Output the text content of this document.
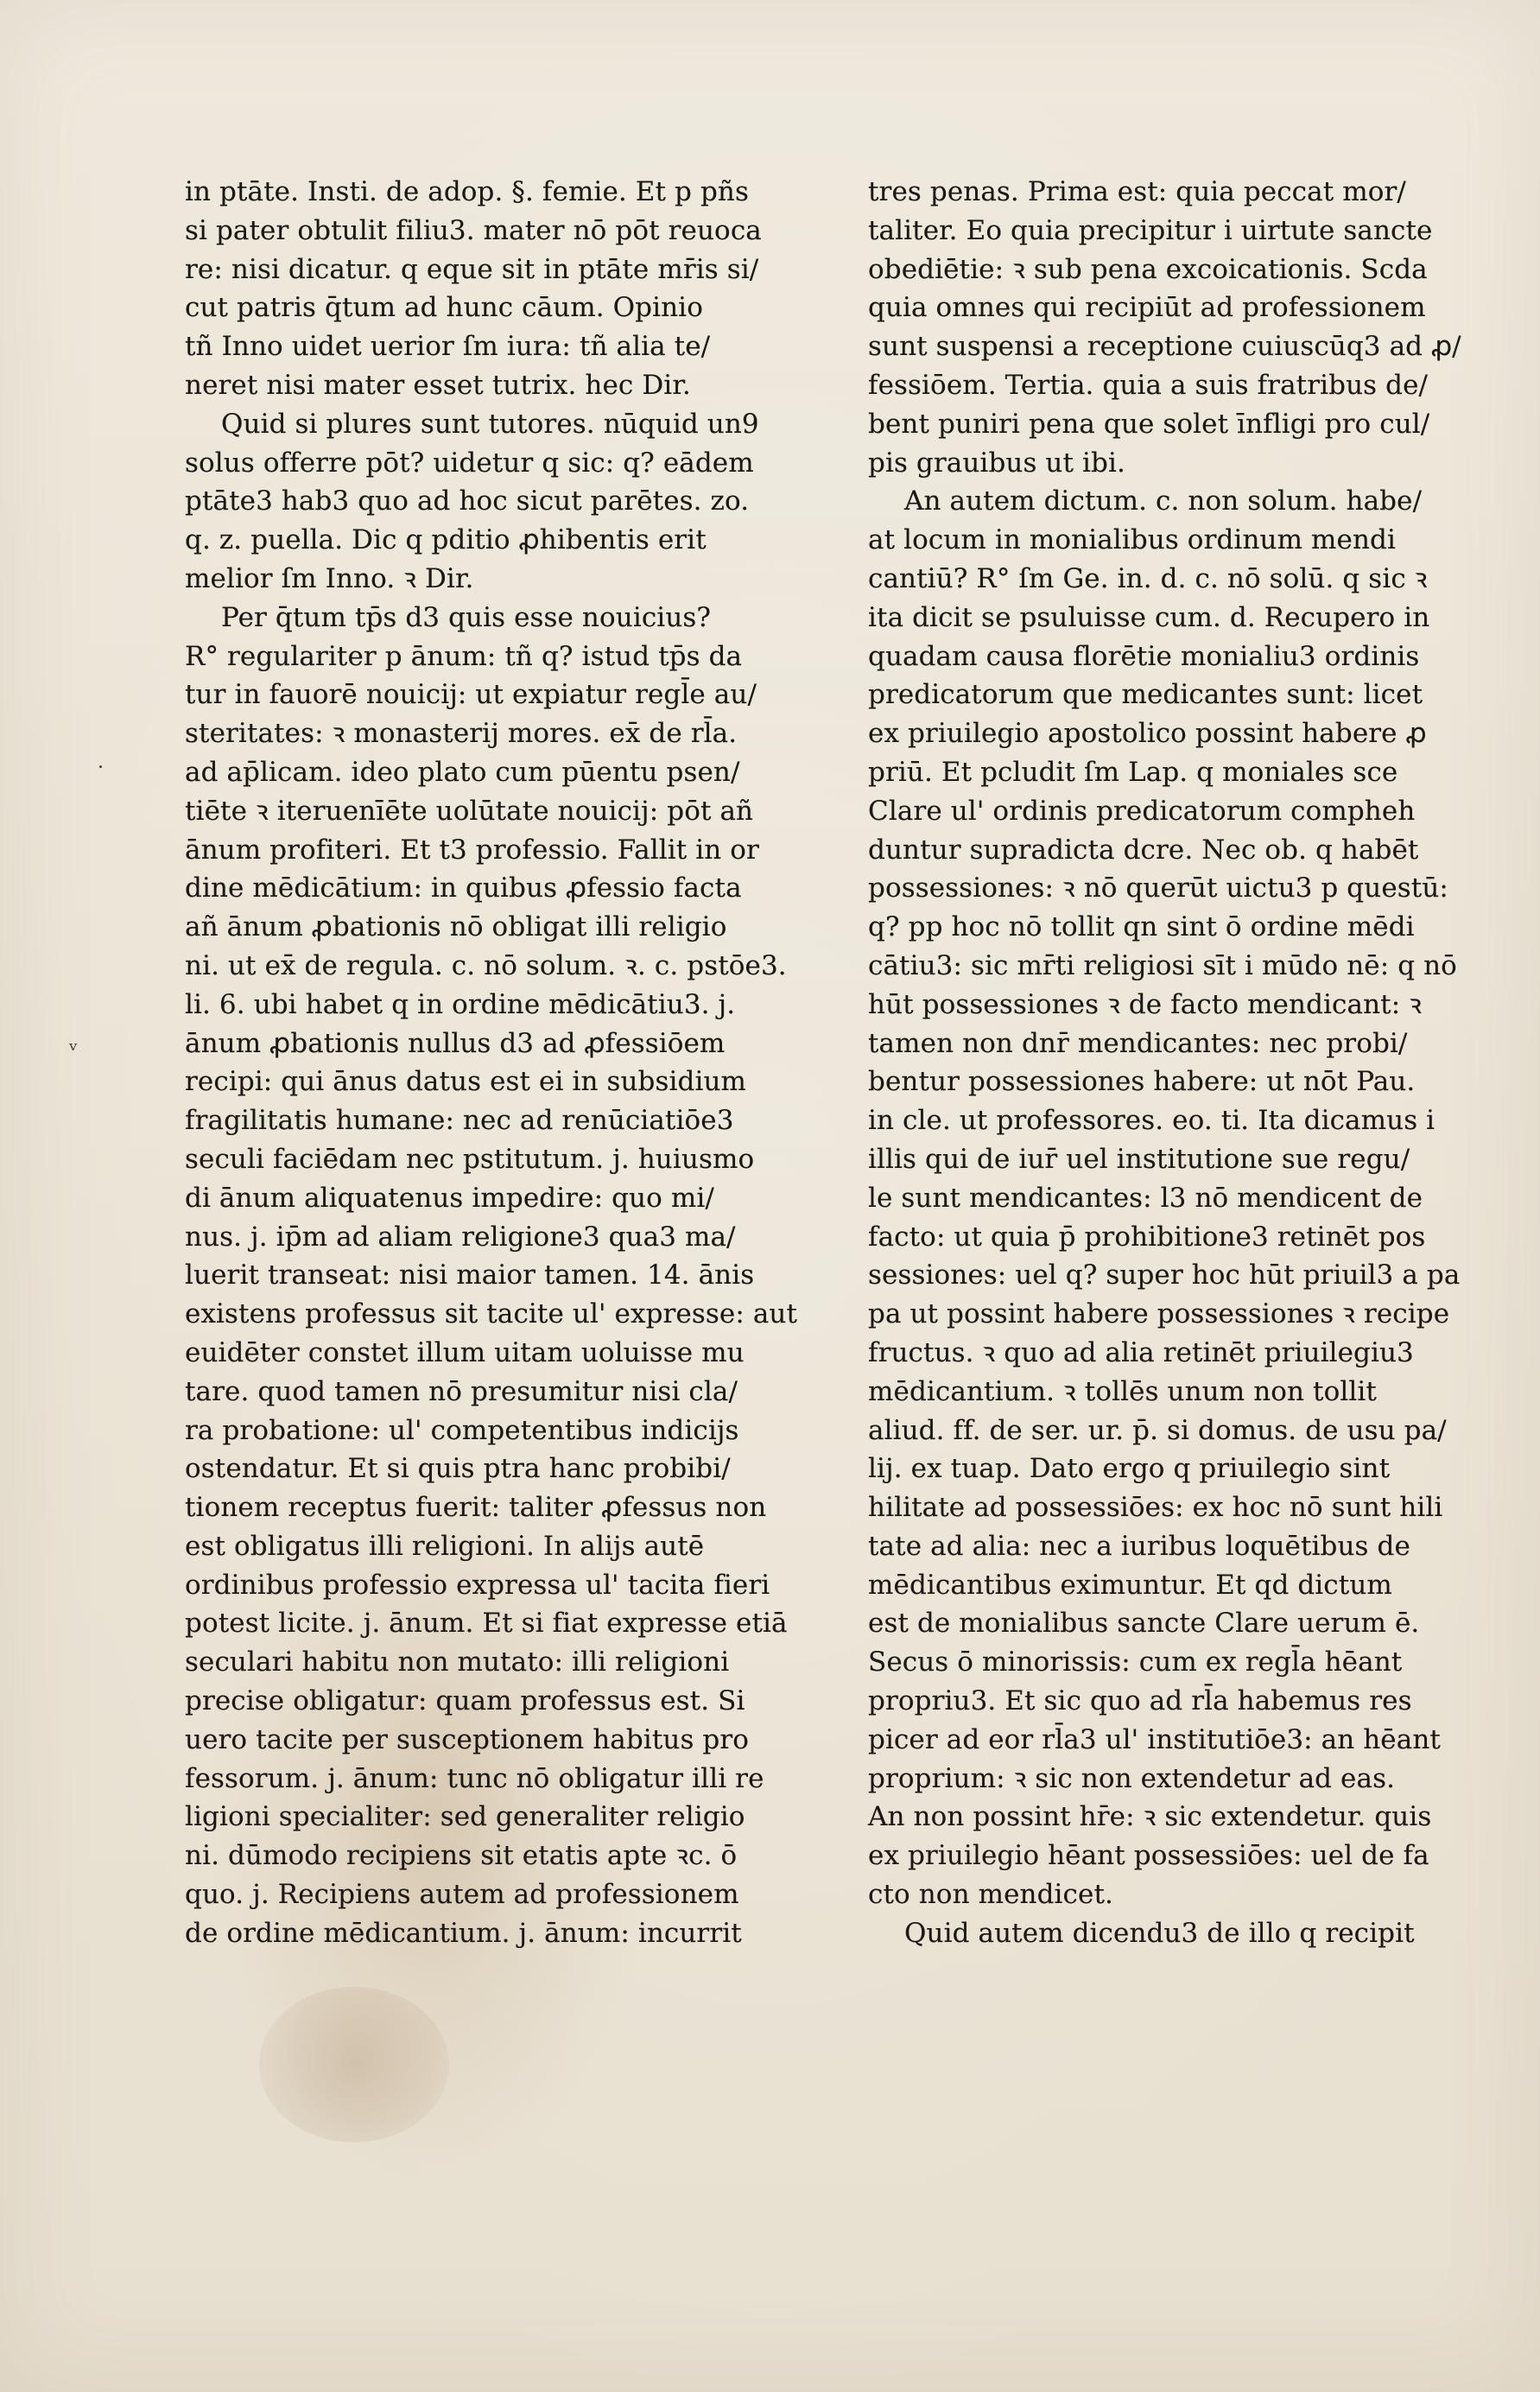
˙
ᵥ
in ptāte. Insti. de adop. §. femie. Et p pñs
si pater obtulit filiu3. mater nō pōt reuoca
re: nisi dicatur. q eque sit in ptāte mr̄is si/
cut patris q̄tum ad hunc cāum. Opinio
tñ Inno uidet uerior ſm iura: tñ alia te/
neret nisi mater esset tutrix. hec Dir.
Quid si plures sunt tutores. nūquid un9
solus offerre pōt? uidetur q sic: q? eādem
ptāte3 hab3 quo ad hoc sicut parētes. zo.
q. z. puella. Dic q pditio ꝓhibentis erit
melior ſm Inno. ꝛ Dir.
Per q̄tum tp̄s d3 quis esse nouicius?
R° regulariter p ānum: tñ q? istud tp̄s da
tur in fauorē nouicij: ut expiatur regl̄e au/
steritates: ꝛ monasterij mores. ex̄ de rl̄a.
ad ap̄licam. ideo plato cum pūentu psen/
tiēte ꝛ iteruenīēte uolūtate nouicij: pōt añ
ānum profiteri. Et t3 professio. Fallit in or
dine mēdicātium: in quibus ꝓfessio facta
añ ānum ꝓbationis nō obligat illi religio
ni. ut ex̄ de regula. c. nō solum. ꝛ. c. pstōe3.
li. 6. ubi habet q in ordine mēdicātiu3. j.
ānum ꝓbationis nullus d3 ad ꝓfessiōem
recipi: qui ānus datus est ei in subsidium
fragilitatis humane: nec ad renūciatiōe3
seculi faciēdam nec pstitutum. j. huiusmo
di ānum aliquatenus impedire: quo mi/
nus. j. ip̄m ad aliam religione3 qua3 ma/
luerit transeat: nisi maior tamen. 14. ānis
existens professus sit tacite ul' expresse: aut
euidēter constet illum uitam uoluisse mu
tare. quod tamen nō presumitur nisi cla/
ra probatione: ul' competentibus indicijs
ostendatur. Et si quis ptra hanc probibi/
tionem receptus fuerit: taliter ꝓfessus non
est obligatus illi religioni. In alijs autē
ordinibus professio expressa ul' tacita fieri
potest licite. j. ānum. Et si fiat expresse etiā
seculari habitu non mutato: illi religioni
precise obligatur: quam professus est. Si
uero tacite per susceptionem habitus pro
fessorum. j. ānum: tunc nō obligatur illi re
ligioni specialiter: sed generaliter religio
ni. dūmodo recipiens sit etatis apte ꝛc. ō
quo. j. Recipiens autem ad professionem
de ordine mēdicantium. j. ānum: incurrit
tres penas. Prima est: quia peccat mor/
taliter. Eo quia precipitur i uirtute sancte
obediētie: ꝛ sub pena excoicationis. Scda
quia omnes qui recipiūt ad professionem
sunt suspensi a receptione cuiuscūq3 ad ꝓ/
fessiōem. Tertia. quia a suis fratribus de/
bent puniri pena que solet īnfligi pro cul/
pis grauibus ut ibi.
An autem dictum. c. non solum. habe/
at locum in monialibus ordinum mendi
cantiū? R° ſm Ge. in. d. c. nō solū. q sic ꝛ
ita dicit se psuluisse cum. d. Recupero in
quadam causa florētie monialiu3 ordinis
predicatorum que medicantes sunt: licet
ex priuilegio apostolico possint habere ꝓ
priū. Et pcludit ſm Lap. q moniales sce
Clare ul' ordinis predicatorum compheh
duntur supradicta dcre. Nec ob. q habēt
possessiones: ꝛ nō querūt uictu3 p questū:
q? pp hoc nō tollit qn sint ō ordine mēdi
cātiu3: sic mr̄ti religiosi sīt i mūdo nē: q nō
hūt possessiones ꝛ de facto mendicant: ꝛ
tamen non dnr̄ mendicantes: nec probi/
bentur possessiones habere: ut nōt Pau.
in cle. ut professores. eo. ti. Ita dicamus i
illis qui de iur̄ uel institutione sue regu/
le sunt mendicantes: l3 nō mendicent de
facto: ut quia p̄ prohibitione3 retinēt pos
sessiones: uel q? super hoc hūt priuil3 a pa
pa ut possint habere possessiones ꝛ recipe
fructus. ꝛ quo ad alia retinēt priuilegiu3
mēdicantium. ꝛ tollēs unum non tollit
aliud. ff. de ser. ur. p̄. si domus. de usu pa/
lij. ex tuap. Dato ergo q priuilegio sint
hilitate ad possessiōes: ex hoc nō sunt hili
tate ad alia: nec a iuribus loquētibus de
mēdicantibus eximuntur. Et qd dictum
est de monialibus sancte Clare uerum ē.
Secus ō minorissis: cum ex regl̄a hēant
propriu3. Et sic quo ad rl̄a habemus res
picer ad eor rl̄a3 ul' institutiōe3: an hēant
proprium: ꝛ sic non extendetur ad eas.
An non possint hr̄e: ꝛ sic extendetur. quis
ex priuilegio hēant possessiōes: uel de fa
cto non mendicet.
Quid autem dicendu3 de illo q recipit
